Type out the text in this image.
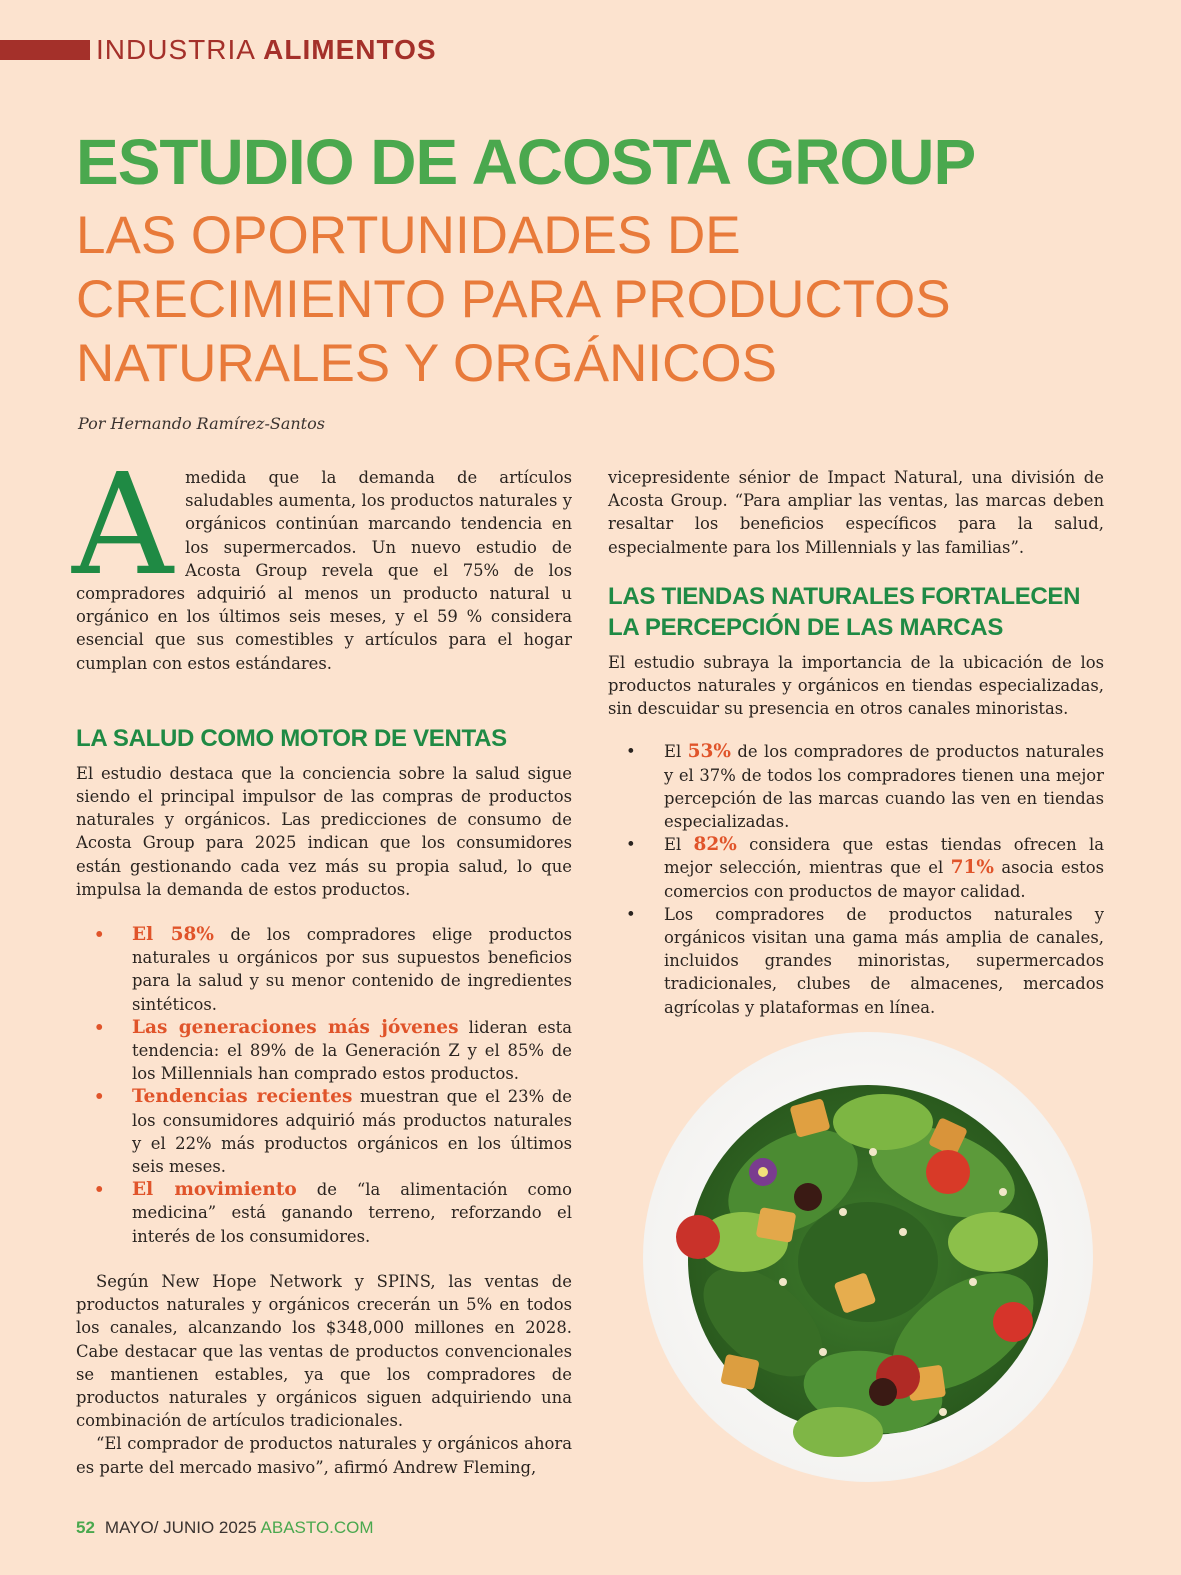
INDUSTRIA ALIMENTOS
ESTUDIO DE ACOSTA GROUP
LAS OPORTUNIDADES DE
CRECIMIENTO PARA PRODUCTOS
NATURALES Y ORGÁNICOS
Por Hernando Ramírez-Santos
A medida que la demanda de artículos saludables aumenta, los productos naturales y orgánicos continúan marcando tendencia en los supermercados. Un nuevo estudio de Acosta Group revela que el 75% de los compradores adquirió al menos un producto natural u orgánico en los últimos seis meses, y el 59 % considera esencial que sus comestibles y artículos para el hogar cumplan con estos estándares.

LA SALUD COMO MOTOR DE VENTAS

El estudio destaca que la conciencia sobre la salud sigue siendo el principal impulsor de las compras de productos naturales y orgánicos. Las predicciones de consumo de Acosta Group para 2025 indican que los consumidores están gestionando cada vez más su propia salud, lo que impulsa la demanda de estos productos.

• El 58% de los compradores elige productos naturales u orgánicos por sus supuestos beneficios para la salud y su menor contenido de ingredientes sintéticos.
• Las generaciones más jóvenes lideran esta tendencia: el 89% de la Generación Z y el 85% de los Millennials han comprado estos productos.
• Tendencias recientes muestran que el 23% de los consumidores adquirió más productos naturales y el 22% más productos orgánicos en los últimos seis meses.
• El movimiento de “la alimentación como medicina” está ganando terreno, reforzando el interés de los consumidores.

Según New Hope Network y SPINS, las ventas de productos naturales y orgánicos crecerán un 5% en todos los canales, alcanzando los $348,000 millones en 2028. Cabe destacar que las ventas de productos convencionales se mantienen estables, ya que los compradores de productos naturales y orgánicos siguen adquiriendo una combinación de artículos tradicionales.

“El comprador de productos naturales y orgánicos ahora es parte del mercado masivo”, afirmó Andrew Fleming,

vicepresidente sénior de Impact Natural, una división de Acosta Group. “Para ampliar las ventas, las marcas deben resaltar los beneficios específicos para la salud, especialmente para los Millennials y las familias”.

LAS TIENDAS NATURALES FORTALECEN
LA PERCEPCIÓN DE LAS MARCAS

El estudio subraya la importancia de la ubicación de los productos naturales y orgánicos en tiendas especializadas, sin descuidar su presencia en otros canales minoristas.

• El 53% de los compradores de productos naturales y el 37% de todos los compradores tienen una mejor percepción de las marcas cuando las ven en tiendas especializadas.
• El 82% considera que estas tiendas ofrecen la mejor selección, mientras que el 71% asocia estos comercios con productos de mayor calidad.
• Los compradores de productos naturales y orgánicos visitan una gama más amplia de canales, incluidos grandes minoristas, supermercados tradicionales, clubes de almacenes, mercados agrícolas y plataformas en línea.
52 MAYO/ JUNIO 2025 ABASTO.COM
